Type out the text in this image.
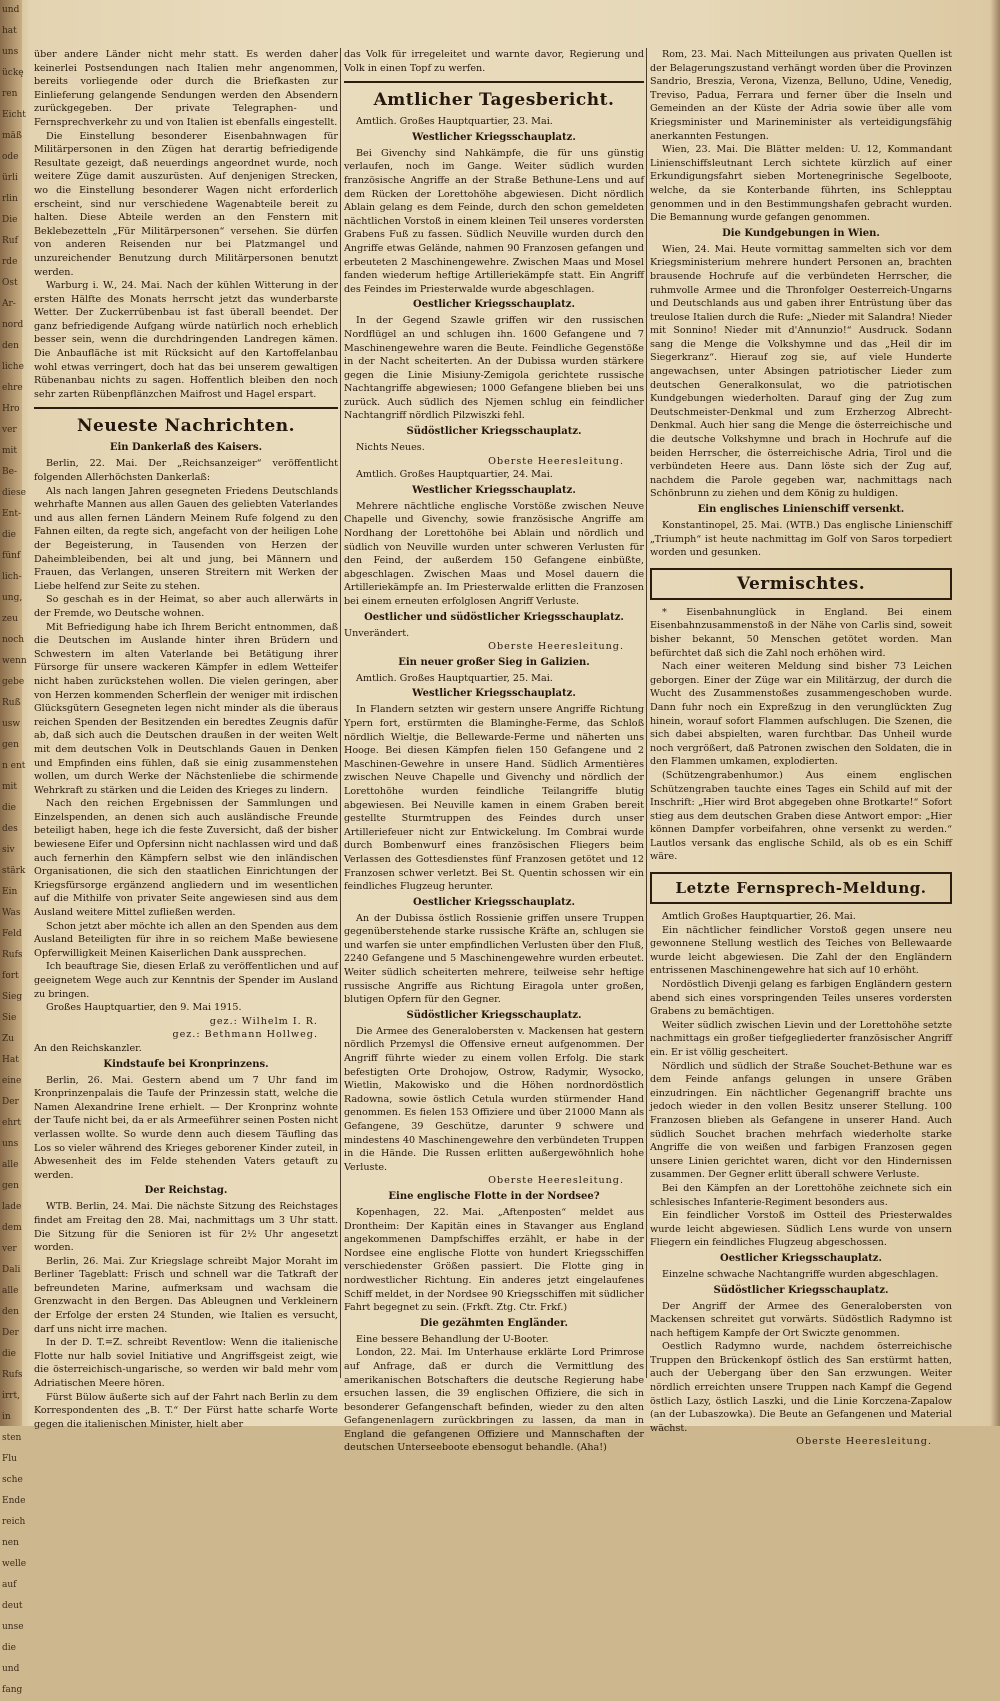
und
hat
uns
ückę
ren
Eicht
mäß
ode
ürli
rlin
Die
Ruf
rde
Ost
Ar-
nord
den
liche
ehre
Hro
ver
mit
Be-
diese
Ent-
die
fünf
lich-
ung,
zeu
noch
wenn
gebe
Ruß
usw
gen
n ent
mit
die
des
siv
stärk
Ein
Was
Feld
Rufs
fort
Sieg
Sie
Zu
Hat
eine
Der
ehrt
uns
alle
gen
lade
dem
ver
Dali
alle
den
Der
die
Rufs
irrt,
in
sten
Flu
sche
Ende
reich
nen
welle
auf
deut
unse
die
und
fang

über andere Länder nicht mehr statt. Es werden daher keinerlei Postsendungen nach Italien mehr angenommen, bereits vorliegende oder durch die Briefkasten zur Einlieferung gelangende Sendungen werden den Absendern zurückgegeben. Der private Telegraphen- und Fernsprechverkehr zu und von Italien ist ebenfalls eingestellt.

Die Einstellung besonderer Eisenbahnwagen für Militärpersonen in den Zügen hat derartig befriedigende Resultate gezeigt, daß neuerdings angeordnet wurde, noch weitere Züge damit auszurüsten. Auf denjenigen Strecken, wo die Einstellung besonderer Wagen nicht erforderlich erscheint, sind nur verschiedene Wagenabteile bereit zu halten. Diese Abteile werden an den Fenstern mit Beklebezetteln „Für Militärpersonen“ versehen. Sie dürfen von anderen Reisenden nur bei Platzmangel und unzureichender Benutzung durch Militärpersonen benutzt werden.

Warburg i. W., 24. Mai. Nach der kühlen Witterung in der ersten Hälfte des Monats herrscht jetzt das wunderbarste Wetter. Der Zuckerrübenbau ist fast überall beendet. Der ganz befriedigende Aufgang würde natürlich noch erheblich besser sein, wenn die durchdringenden Landregen kämen. Die Anbaufläche ist mit Rücksicht auf den Kartoffelanbau wohl etwas verringert, doch hat das bei unserem gewaltigen Rübenanbau nichts zu sagen. Hoffentlich bleiben den noch sehr zarten Rübenpflänzchen Maifrost und Hagel erspart.

Neueste Nachrichten.
Ein Dankerlaß des Kaisers.

Berlin, 22. Mai. Der „Reichsanzeiger“ veröffentlicht folgenden Allerhöchsten Dankerlaß:

Als nach langen Jahren gesegneten Friedens Deutschlands wehrhafte Mannen aus allen Gauen des geliebten Vaterlandes und aus allen fernen Ländern Meinem Rufe folgend zu den Fahnen eilten, da regte sich, angefacht von der heiligen Lohe der Begeisterung, in Tausenden von Herzen der Daheimbleibenden, bei alt und jung, bei Männern und Frauen, das Verlangen, unseren Streitern mit Werken der Liebe helfend zur Seite zu stehen.

So geschah es in der Heimat, so aber auch allerwärts in der Fremde, wo Deutsche wohnen.

Mit Befriedigung habe ich Ihrem Bericht entnommen, daß die Deutschen im Auslande hinter ihren Brüdern und Schwestern im alten Vaterlande bei Betätigung ihrer Fürsorge für unsere wackeren Kämpfer in edlem Wetteifer nicht haben zurückstehen wollen. Die vielen geringen, aber von Herzen kommenden Scherflein der weniger mit irdischen Glücksgütern Gesegneten legen nicht minder als die überaus reichen Spenden der Besitzenden ein beredtes Zeugnis dafür ab, daß sich auch die Deutschen draußen in der weiten Welt mit dem deutschen Volk in Deutschlands Gauen in Denken und Empfinden eins fühlen, daß sie einig zusammenstehen wollen, um durch Werke der Nächstenliebe die schirmende Wehrkraft zu stärken und die Leiden des Krieges zu lindern.

Nach den reichen Ergebnissen der Sammlungen und Einzelspenden, an denen sich auch ausländische Freunde beteiligt haben, hege ich die feste Zuversicht, daß der bisher bewiesene Eifer und Opfersinn nicht nachlassen wird und daß auch fernerhin den Kämpfern selbst wie den inländischen Organisationen, die sich den staatlichen Einrichtungen der Kriegsfürsorge ergänzend angliedern und im wesentlichen auf die Mithilfe von privater Seite angewiesen sind aus dem Ausland weitere Mittel zufließen werden.

Schon jetzt aber möchte ich allen an den Spenden aus dem Ausland Beteiligten für ihre in so reichem Maße bewiesene Opferwilligkeit Meinen Kaiserlichen Dank aussprechen.

Ich beauftrage Sie, diesen Erlaß zu veröffentlichen und auf geeignetem Wege auch zur Kenntnis der Spender im Ausland zu bringen.

Großes Hauptquartier, den 9. Mai 1915.

gez.: Wilhelm I. R.
gez.: Bethmann Hollweg.

An den Reichskanzler.

Kindstaufe bei Kronprinzens.

Berlin, 26. Mai. Gestern abend um 7 Uhr fand im Kronprinzenpalais die Taufe der Prinzessin statt, welche die Namen Alexandrine Irene erhielt. — Der Kronprinz wohnte der Taufe nicht bei, da er als Armeeführer seinen Posten nicht verlassen wollte. So wurde denn auch diesem Täufling das Los so vieler während des Krieges geborener Kinder zuteil, in Abwesenheit des im Felde stehenden Vaters getauft zu werden.

Der Reichstag.

WTB. Berlin, 24. Mai. Die nächste Sitzung des Reichstages findet am Freitag den 28. Mai, nachmittags um 3 Uhr statt. Die Sitzung für die Senioren ist für 2½ Uhr angesetzt worden.

Berlin, 26. Mai. Zur Kriegslage schreibt Major Moraht im Berliner Tageblatt: Frisch und schnell war die Tatkraft der befreundeten Marine, aufmerksam und wachsam die Grenzwacht in den Bergen. Das Ableugnen und Verkleinern der Erfolge der ersten 24 Stunden, wie Italien es versucht, darf uns nicht irre machen.

In der D. T.=Z. schreibt Reventlow: Wenn die italienische Flotte nur halb soviel Initiative und Angriffsgeist zeigt, wie die österreichisch-ungarische, so werden wir bald mehr vom Adriatischen Meere hören.

Fürst Bülow äußerte sich auf der Fahrt nach Berlin zu dem Korrespondenten des „B. T.“ Der Fürst hatte scharfe Worte gegen die italienischen Minister, hielt aber

das Volk für irregeleitet und warnte davor, Regierung und Volk in einen Topf zu werfen.

Amtlicher Tagesbericht.

Amtlich. Großes Hauptquartier, 23. Mai.

Westlicher Kriegsschauplatz.

Bei Givenchy sind Nahkämpfe, die für uns günstig verlaufen, noch im Gange. Weiter südlich wurden französische Angriffe an der Straße Bethune-Lens und auf dem Rücken der Lorettohöhe abgewiesen. Dicht nördlich Ablain gelang es dem Feinde, durch den schon gemeldeten nächtlichen Vorstoß in einem kleinen Teil unseres vordersten Grabens Fuß zu fassen. Südlich Neuville wurden durch den Angriffe etwas Gelände, nahmen 90 Franzosen gefangen und erbeuteten 2 Maschinengewehre. Zwischen Maas und Mosel fanden wiederum heftige Artilleriekämpfe statt. Ein Angriff des Feindes im Priesterwalde wurde abgeschlagen.

Oestlicher Kriegsschauplatz.

In der Gegend Szawle griffen wir den russischen Nordflügel an und schlugen ihn. 1600 Gefangene und 7 Maschinengewehre waren die Beute. Feindliche Gegenstöße in der Nacht scheiterten. An der Dubissa wurden stärkere gegen die Linie Misiuny-Zemigola gerichtete russische Nachtangriffe abgewiesen; 1000 Gefangene blieben bei uns zurück. Auch südlich des Njemen schlug ein feindlicher Nachtangriff nördlich Pilzwiszki fehl.

Südöstlicher Kriegsschauplatz.

Nichts Neues.

Oberste Heeresleitung.

Amtlich. Großes Hauptquartier, 24. Mai.

Westlicher Kriegsschauplatz.

Mehrere nächtliche englische Vorstöße zwischen Neuve Chapelle und Givenchy, sowie französische Angriffe am Nordhang der Lorettohöhe bei Ablain und nördlich und südlich von Neuville wurden unter schweren Verlusten für den Feind, der außerdem 150 Gefangene einbüßte, abgeschlagen. Zwischen Maas und Mosel dauern die Artilleriekämpfe an. Im Priesterwalde erlitten die Franzosen bei einem erneuten erfolglosen Angriff Verluste.

Oestlicher und südöstlicher Kriegsschauplatz.

Unverändert.

Oberste Heeresleitung.
Ein neuer großer Sieg in Galizien.

Amtlich. Großes Hauptquartier, 25. Mai.

Westlicher Kriegsschauplatz.

In Flandern setzten wir gestern unsere Angriffe Richtung Ypern fort, erstürmten die Blaminghe-Ferme, das Schloß nördlich Wieltje, die Bellewarde-Ferme und näherten uns Hooge. Bei diesen Kämpfen fielen 150 Gefangene und 2 Maschinen-Gewehre in unsere Hand. Südlich Armentières zwischen Neuve Chapelle und Givenchy und nördlich der Lorettohöhe wurden feindliche Teilangriffe blutig abgewiesen. Bei Neuville kamen in einem Graben bereit gestellte Sturmtruppen des Feindes durch unser Artilleriefeuer nicht zur Entwickelung. Im Combrai wurde durch Bombenwurf eines französischen Fliegers beim Verlassen des Gottesdienstes fünf Franzosen getötet und 12 Franzosen schwer verletzt. Bei St. Quentin schossen wir ein feindliches Flugzeug herunter.

Oestlicher Kriegsschauplatz.

An der Dubissa östlich Rossienie griffen unsere Truppen gegenüberstehende starke russische Kräfte an, schlugen sie und warfen sie unter empfindlichen Verlusten über den Fluß, 2240 Gefangene und 5 Maschinengewehre wurden erbeutet. Weiter südlich scheiterten mehrere, teilweise sehr heftige russische Angriffe aus Richtung Eiragola unter großen, blutigen Opfern für den Gegner.

Südöstlicher Kriegsschauplatz.

Die Armee des Generalobersten v. Mackensen hat gestern nördlich Przemysl die Offensive erneut aufgenommen. Der Angriff führte wieder zu einem vollen Erfolg. Die stark befestigten Orte Drohojow, Ostrow, Radymir, Wysocko, Wietlin, Makowisko und die Höhen nordnordöstlich Radowna, sowie östlich Cetula wurden stürmender Hand genommen. Es fielen 153 Offiziere und über 21000 Mann als Gefangene, 39 Geschütze, darunter 9 schwere und mindestens 40 Maschinengewehre den verbündeten Truppen in die Hände. Die Russen erlitten außergewöhnlich hohe Verluste.

Oberste Heeresleitung.
Eine englische Flotte in der Nordsee?

Kopenhagen, 22. Mai. „Aftenposten“ meldet aus Drontheim: Der Kapitän eines in Stavanger aus England angekommenen Dampfschiffes erzählt, er habe in der Nordsee eine englische Flotte von hundert Kriegsschiffen verschiedenster Größen passiert. Die Flotte ging in nordwestlicher Richtung. Ein anderes jetzt eingelaufenes Schiff meldet, in der Nordsee 90 Kriegsschiffen mit südlicher Fahrt begegnet zu sein. (Frkft. Ztg. Ctr. Frkf.)

Die gezähmten Engländer.

Eine bessere Behandlung der U-Booter.

London, 22. Mai. Im Unterhause erklärte Lord Primrose auf Anfrage, daß er durch die Vermittlung des amerikanischen Botschafters die deutsche Regierung habe ersuchen lassen, die 39 englischen Offiziere, die sich in besonderer Gefangenschaft befinden, wieder zu den alten Gefangenenlagern zurückbringen zu lassen, da man in England die gefangenen Offiziere und Mannschaften der deutschen Unterseeboote ebensogut behandle. (Aha!)

Rom, 23. Mai. Nach Mitteilungen aus privaten Quellen ist der Belagerungszustand verhängt worden über die Provinzen Sandrio, Breszia, Verona, Vizenza, Belluno, Udine, Venedig, Treviso, Padua, Ferrara und ferner über die Inseln und Gemeinden an der Küste der Adria sowie über alle vom Kriegsminister und Marineminister als verteidigungsfähig anerkannten Festungen.

Wien, 23. Mai. Die Blätter melden: U. 12, Kommandant Linienschiffsleutnant Lerch sichtete kürzlich auf einer Erkundigungsfahrt sieben Mortenegrinische Segelboote, welche, da sie Konterbande führten, ins Schlepptau genommen und in den Bestimmungshafen gebracht wurden. Die Bemannung wurde gefangen genommen.

Die Kundgebungen in Wien.

Wien, 24. Mai. Heute vormittag sammelten sich vor dem Kriegsministerium mehrere hundert Personen an, brachten brausende Hochrufe auf die verbündeten Herrscher, die ruhmvolle Armee und die Thronfolger Oesterreich-Ungarns und Deutschlands aus und gaben ihrer Entrüstung über das treulose Italien durch die Rufe: „Nieder mit Salandra! Nieder mit Sonnino! Nieder mit d'Annunzio!“ Ausdruck. Sodann sang die Menge die Volkshymne und das „Heil dir im Siegerkranz“. Hierauf zog sie, auf viele Hunderte angewachsen, unter Absingen patriotischer Lieder zum deutschen Generalkonsulat, wo die patriotischen Kundgebungen wiederholten. Darauf ging der Zug zum Deutschmeister-Denkmal und zum Erzherzog Albrecht-Denkmal. Auch hier sang die Menge die österreichische und die deutsche Volkshymne und brach in Hochrufe auf die beiden Herrscher, die österreichische Adria, Tirol und die verbündeten Heere aus. Dann löste sich der Zug auf, nachdem die Parole gegeben war, nachmittags nach Schönbrunn zu ziehen und dem König zu huldigen.

Ein englisches Linienschiff versenkt.

Konstantinopel, 25. Mai. (WTB.) Das englische Linienschiff „Triumph“ ist heute nachmittag im Golf von Saros torpediert worden und gesunken.

Vermischtes.

* Eisenbahnunglück in England. Bei einem Eisenbahnzusammenstoß in der Nähe von Carlis sind, soweit bisher bekannt, 50 Menschen getötet worden. Man befürchtet daß sich die Zahl noch erhöhen wird.

Nach einer weiteren Meldung sind bisher 73 Leichen geborgen. Einer der Züge war ein Militärzug, der durch die Wucht des Zusammenstoßes zusammengeschoben wurde. Dann fuhr noch ein Expreßzug in den verunglückten Zug hinein, worauf sofort Flammen aufschlugen. Die Szenen, die sich dabei abspielten, waren furchtbar. Das Unheil wurde noch vergrößert, daß Patronen zwischen den Soldaten, die in den Flammen umkamen, explodierten.

(Schützengrabenhumor.) Aus einem englischen Schützengraben tauchte eines Tages ein Schild auf mit der Inschrift: „Hier wird Brot abgegeben ohne Brotkarte!“ Sofort stieg aus dem deutschen Graben diese Antwort empor: „Hier können Dampfer vorbeifahren, ohne versenkt zu werden.“ Lautlos versank das englische Schild, als ob es ein Schiff wäre.

Letzte Fernsprech-Meldung.

Amtlich Großes Hauptquartier, 26. Mai.

Ein nächtlicher feindlicher Vorstoß gegen unsere neu gewonnene Stellung westlich des Teiches von Bellewaarde wurde leicht abgewiesen. Die Zahl der den Engländern entrissenen Maschinengewehre hat sich auf 10 erhöht.

Nordöstlich Divenji gelang es farbigen Engländern gestern abend sich eines vorspringenden Teiles unseres vordersten Grabens zu bemächtigen.

Weiter südlich zwischen Lievin und der Lorettohöhe setzte nachmittags ein großer tiefgegliederter französischer Angriff ein. Er ist völlig gescheitert.

Nördlich und südlich der Straße Souchet-Bethune war es dem Feinde anfangs gelungen in unsere Gräben einzudringen. Ein nächtlicher Gegenangriff brachte uns jedoch wieder in den vollen Besitz unserer Stellung. 100 Franzosen blieben als Gefangene in unserer Hand. Auch südlich Souchet brachen mehrfach wiederholte starke Angriffe die von weißen und farbigen Franzosen gegen unsere Linien gerichtet waren, dicht vor den Hindernissen zusammen. Der Gegner erlitt überall schwere Verluste.

Bei den Kämpfen an der Lorettohöhe zeichnete sich ein schlesisches Infanterie-Regiment besonders aus.

Ein feindlicher Vorstoß im Ostteil des Priesterwaldes wurde leicht abgewiesen. Südlich Lens wurde von unsern Fliegern ein feindliches Flugzeug abgeschossen.

Oestlicher Kriegsschauplatz.

Einzelne schwache Nachtangriffe wurden abgeschlagen.

Südöstlicher Kriegsschauplatz.

Der Angriff der Armee des Generalobersten von Mackensen schreitet gut vorwärts. Südöstlich Radymno ist nach heftigem Kampfe der Ort Swiczte genommen.

Oestlich Radymno wurde, nachdem österreichische Truppen den Brückenkopf östlich des San erstürmt hatten, auch der Uebergang über den San erzwungen. Weiter nördlich erreichten unsere Truppen nach Kampf die Gegend östlich Lazy, östlich Laszki, und die Linie Korczena-Zapalow (an der Lubaszowka). Die Beute an Gefangenen und Material wächst.

Oberste Heeresleitung.
